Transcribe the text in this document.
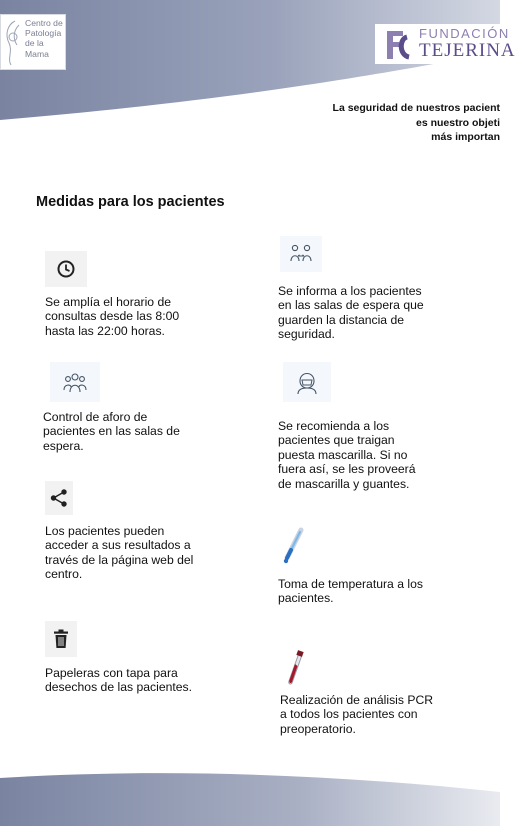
Centro de
Patología
de la
Mama
FUNDACIÓN
TEJERINA
La seguridad de nuestros pacient
es nuestro objeti
más importan
Medidas para los pacientes
Se amplía el horario de consultas desde las 8:00 hasta las 22:00 horas.
Se informa a los pacientes en las salas de espera que guarden la distancia de seguridad.
Control de aforo de pacientes en las salas de espera.
Se recomienda a los pacientes que traigan puesta mascarilla. Si no fuera así, se les proveerá de mascarilla y guantes.
Los pacientes pueden acceder a sus resultados a través de la página web del centro.
Toma de temperatura a los pacientes.
Papeleras con tapa para desechos de las pacientes.
Realización de análisis PCR a todos los pacientes con preoperatorio.
